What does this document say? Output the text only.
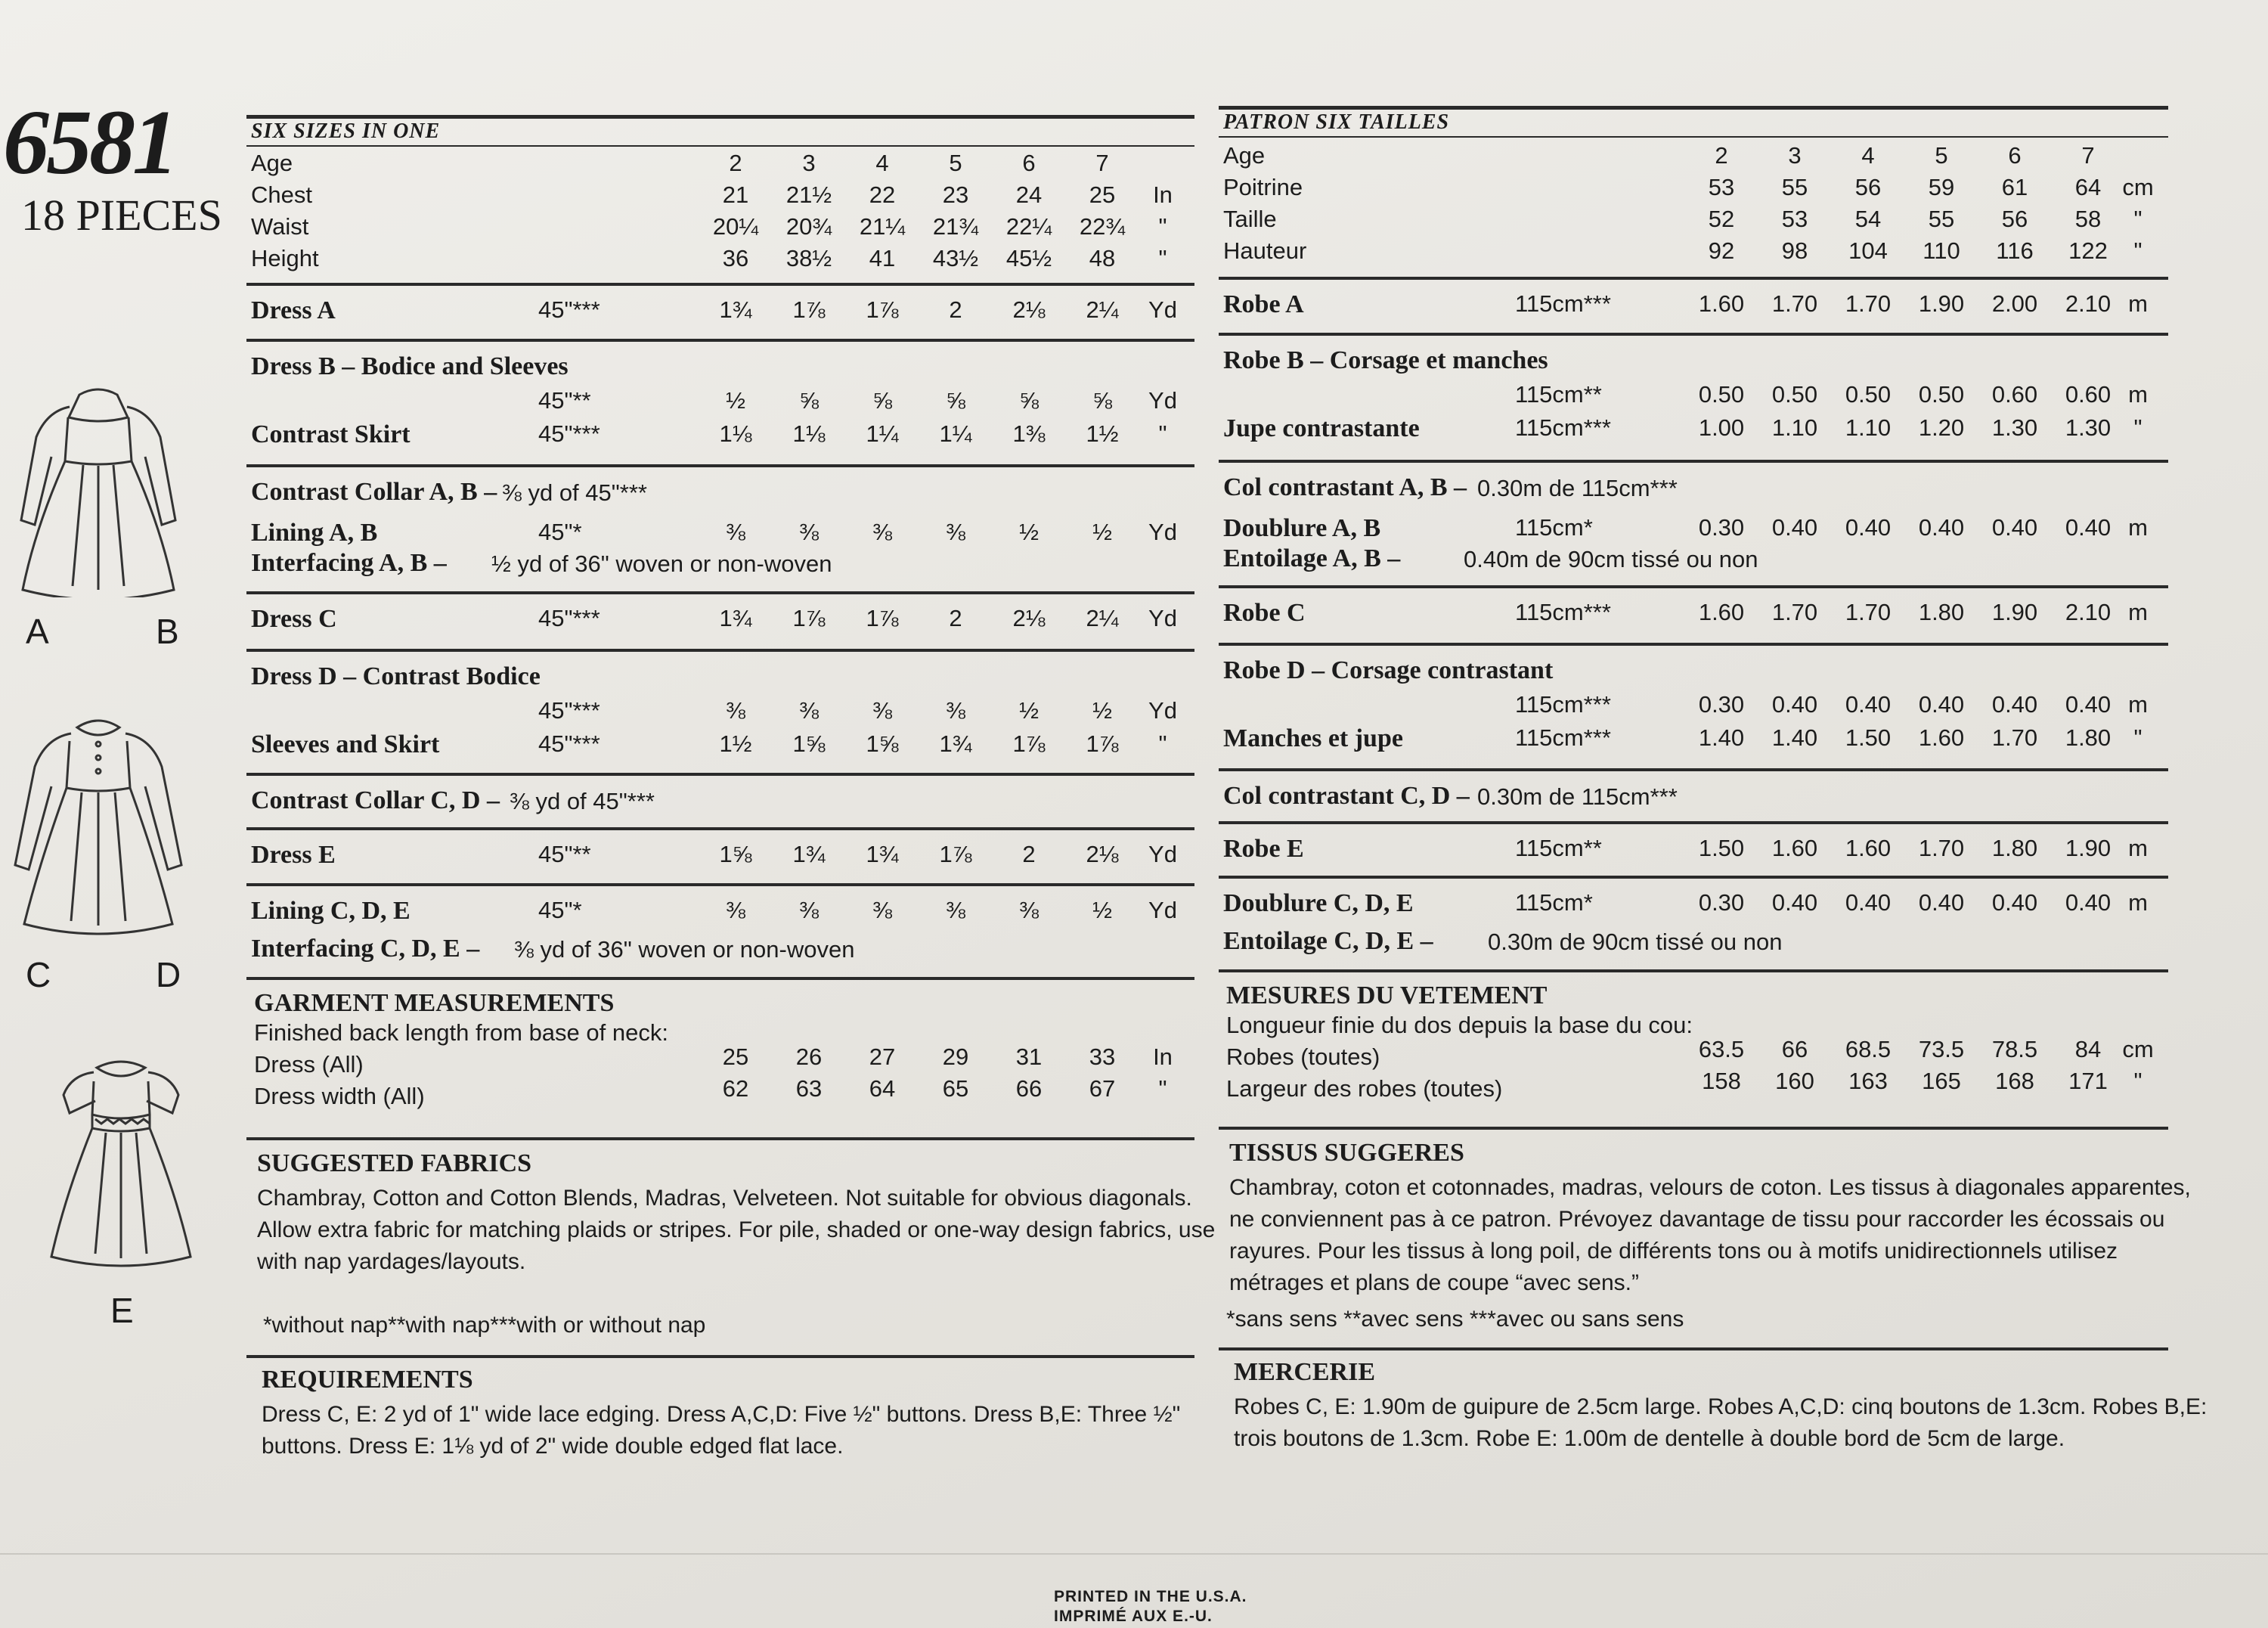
6581
18 PIECES
A	B
C	D
E
SIX SIZES IN ONE
Age	2	3	4	5	6	7
Chest	21	21½	22	23	24	25	In
Waist	20¼	20¾	21¼	21¾	22¼	22¾	"
Height	36	38½	41	43½	45½	48	"
Dress A	45"***	1¾	1⅞	1⅞	2	2⅛	2¼	Yd
Dress B – Bodice and Sleeves
45"**	½	⅝	⅝	⅝	⅝	⅝	Yd
Contrast Skirt	45"***	1⅛	1⅛	1¼	1¼	1⅜	1½	"
Contrast Collar A, B – ⅜ yd of 45"***
Lining A, B	45"*	⅜	⅜	⅜	⅜	½	½	Yd
Interfacing A, B – ½ yd of 36" woven or non-woven
Dress C	45"***	1¾	1⅞	1⅞	2	2⅛	2¼	Yd
Dress D – Contrast Bodice
45"***	⅜	⅜	⅜	⅜	½	½	Yd
Sleeves and Skirt	45"***	1½	1⅝	1⅝	1¾	1⅞	1⅞	"
Contrast Collar C, D – ⅜ yd of 45"***
Dress E	45"**	1⅝	1¾	1¾	1⅞	2	2⅛	Yd
Lining C, D, E	45"*	⅜	⅜	⅜	⅜	⅜	½	Yd
Interfacing C, D, E – ⅜ yd of 36" woven or non-woven
GARMENT MEASUREMENTS
Finished back length from base of neck:
Dress (All)	25	26	27	29	31	33	In
Dress width (All)	62	63	64	65	66	67	"
SUGGESTED FABRICS
Chambray, Cotton and Cotton Blends, Madras, Velveteen. Not suitable for obvious diagonals.
Allow extra fabric for matching plaids or stripes. For pile, shaded or one-way design fabrics, use
with nap yardages/layouts.
*without nap**with nap***with or without nap
REQUIREMENTS
Dress C, E: 2 yd of 1" wide lace edging. Dress A,C,D: Five ½" buttons. Dress B,E: Three ½"
buttons. Dress E: 1⅛ yd of 2" wide double edged flat lace.
PATRON SIX TAILLES
Age	2	3	4	5	6	7
Poitrine	53	55	56	59	61	64 cm
Taille	52	53	54	55	56	58	"
Hauteur	92	98	104	110	116	122	"
Robe A	115cm***	1.60	1.70	1.70	1.90	2.00	2.10 m
Robe B – Corsage et manches
115cm**	0.50	0.50	0.50	0.50	0.60	0.60 m
Jupe contrastante	115cm***	1.00	1.10	1.10	1.20	1.30	1.30 "
Col contrastant A, B – 0.30m de 115cm***
Doublure A, B	115cm*	0.30	0.40	0.40	0.40	0.40	0.40 m
Entoilage A, B –	0.40m de 90cm tissé ou non
Robe C	115cm***	1.60	1.70	1.70	1.80	1.90	2.10 m
Robe D – Corsage contrastant
115cm***	0.30	0.40	0.40	0.40	0.40	0.40 m
Manches et jupe	115cm***	1.40	1.40	1.50	1.60	1.70	1.80 "
Col contrastant C, D – 0.30m de 115cm***
Robe E	115cm**	1.50	1.60	1.60	1.70	1.80	1.90 m
Doublure C, D, E	115cm*	0.30	0.40	0.40	0.40	0.40	0.40 m
Entoilage C, D, E – 0.30m de 90cm tissé ou non
MESURES DU VETEMENT
Longueur finie du dos depuis la base du cou:
Robes (toutes)	63.5	66	68.5	73.5	78.5	84 cm
Largeur des robes (toutes)	158	160	163	165	168	171	"
TISSUS SUGGERES
Chambray, coton et cotonnades, madras, velours de coton. Les tissus à diagonales apparentes,
ne conviennent pas à ce patron. Prévoyez davantage de tissu pour raccorder les écossais ou
rayures. Pour les tissus à long poil, de différents tons ou à motifs unidirectionnels utilisez
métrages et plans de coupe “avec sens.”
*sans sens **avec sens ***avec ou sans sens
MERCERIE
Robes C, E: 1.90m de guipure de 2.5cm large. Robes A,C,D: cinq boutons de 1.3cm. Robes B,E:
trois boutons de 1.3cm. Robe E: 1.00m de dentelle à double bord de 5cm de large.
PRINTED IN THE U.S.A.
IMPRIMÉ AUX E.-U.
